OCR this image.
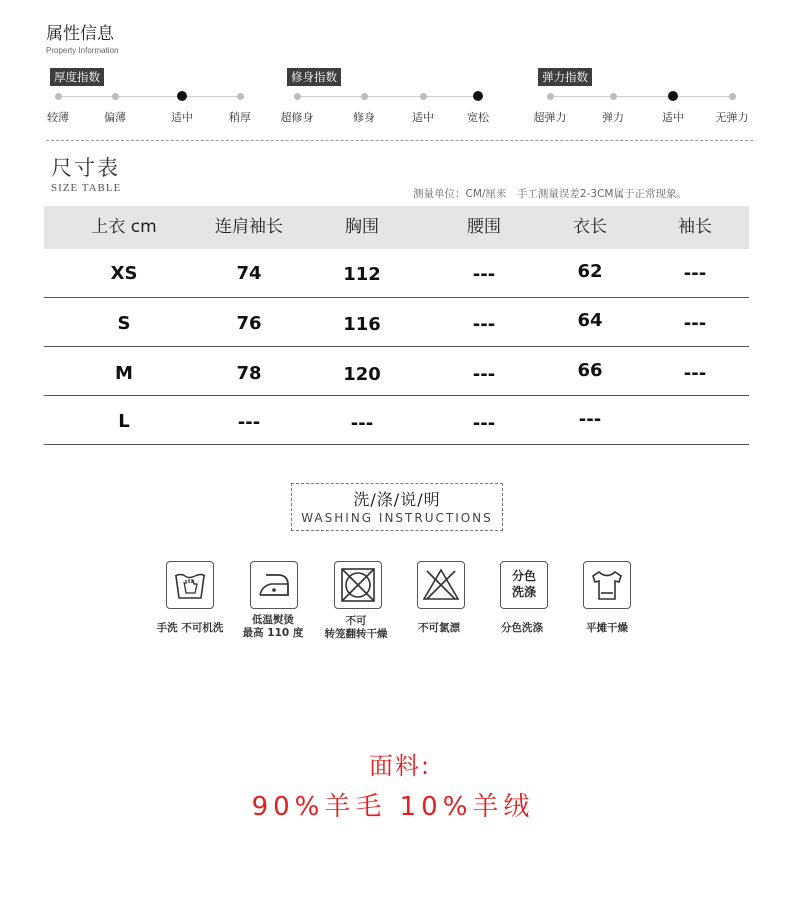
属性信息
Property Information
厚度指数
较薄	偏薄	适中	稍厚
修身指数
超修身	修身	适中	宽松
弹力指数
超弹力	弹力	适中	无弹力
尺寸表
SIZE TABLE	测量单位：CM/厘米　手工测量误差2-3CM属于正常现象。
上衣 cm	连肩袖长	胸围	腰围	衣长	袖长
XS	74	112	---	62	---
S	76	116	---	64	---
M	78	120	---	66	---
L	---	---	---	---
洗/涤/说/明
WASHING INSTRUCTIONS
手洗 不可机洗
低温熨烫
最高 110 度
不可
转笼翻转干燥	不可氯漂
分色
洗涤
分色洗涤	平摊干燥
面料:
90%羊毛 10%羊绒
